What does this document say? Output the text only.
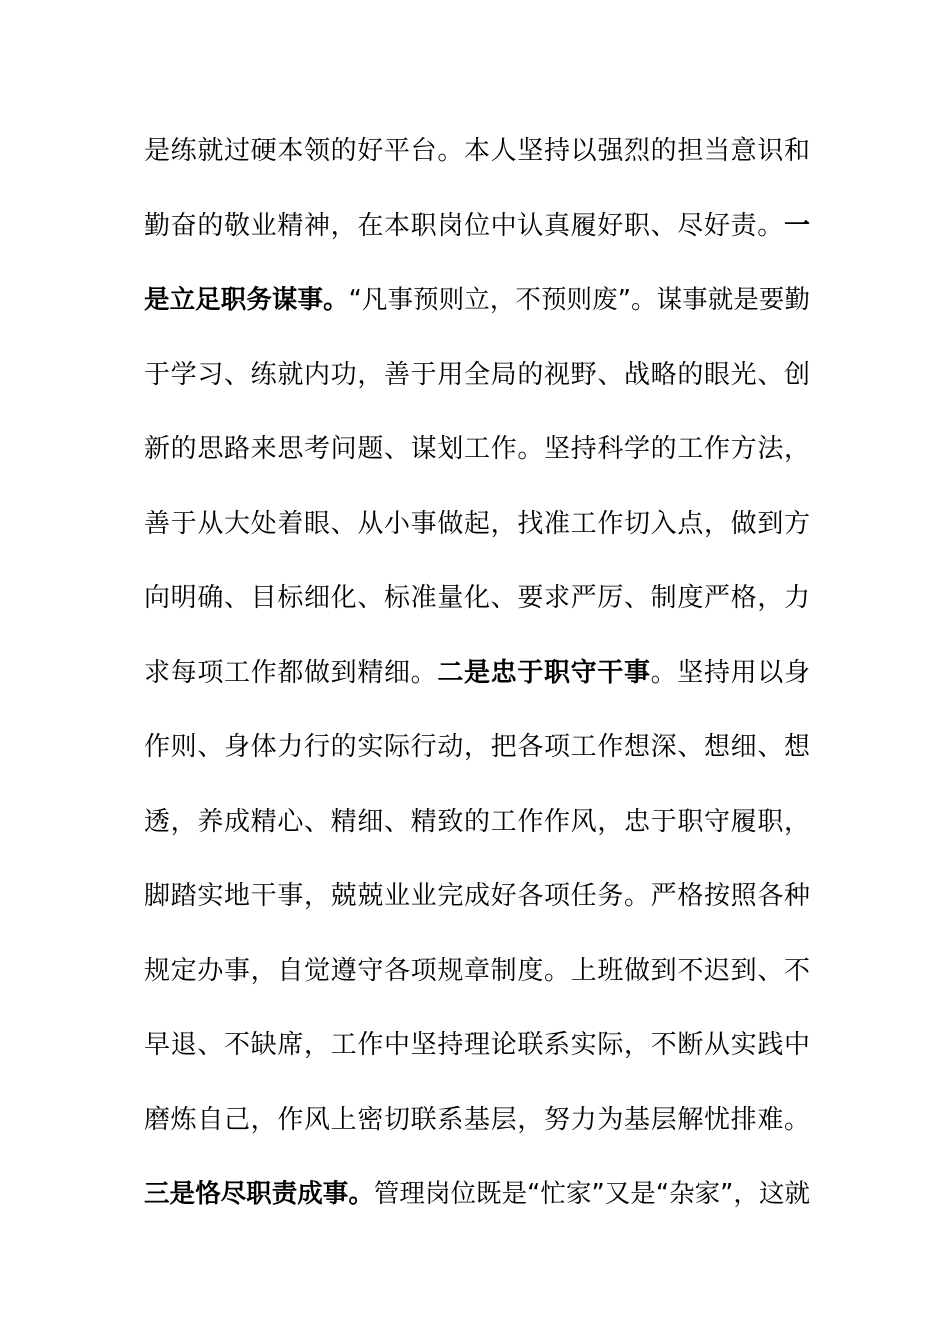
是练就过硬本领的好平台。本人坚持以强烈的担当意识和
勤奋的敬业精神，在本职岗位中认真履好职、尽好责。一
是立足职务谋事。“凡事预则立，不预则废”。谋事就是要勤
于学习、练就内功，善于用全局的视野、战略的眼光、创
新的思路来思考问题、谋划工作。坚持科学的工作方法，
善于从大处着眼、从小事做起，找准工作切入点，做到方
向明确、目标细化、标准量化、要求严厉、制度严格，力
求每项工作都做到精细。二是忠于职守干事。坚持用以身
作则、身体力行的实际行动，把各项工作想深、想细、想
透，养成精心、精细、精致的工作作风，忠于职守履职，
脚踏实地干事，兢兢业业完成好各项任务。严格按照各种
规定办事，自觉遵守各项规章制度。上班做到不迟到、不
早退、不缺席，工作中坚持理论联系实际，不断从实践中
磨炼自己，作风上密切联系基层，努力为基层解忧排难。
三是恪尽职责成事。管理岗位既是“忙家”又是“杂家”，这就
